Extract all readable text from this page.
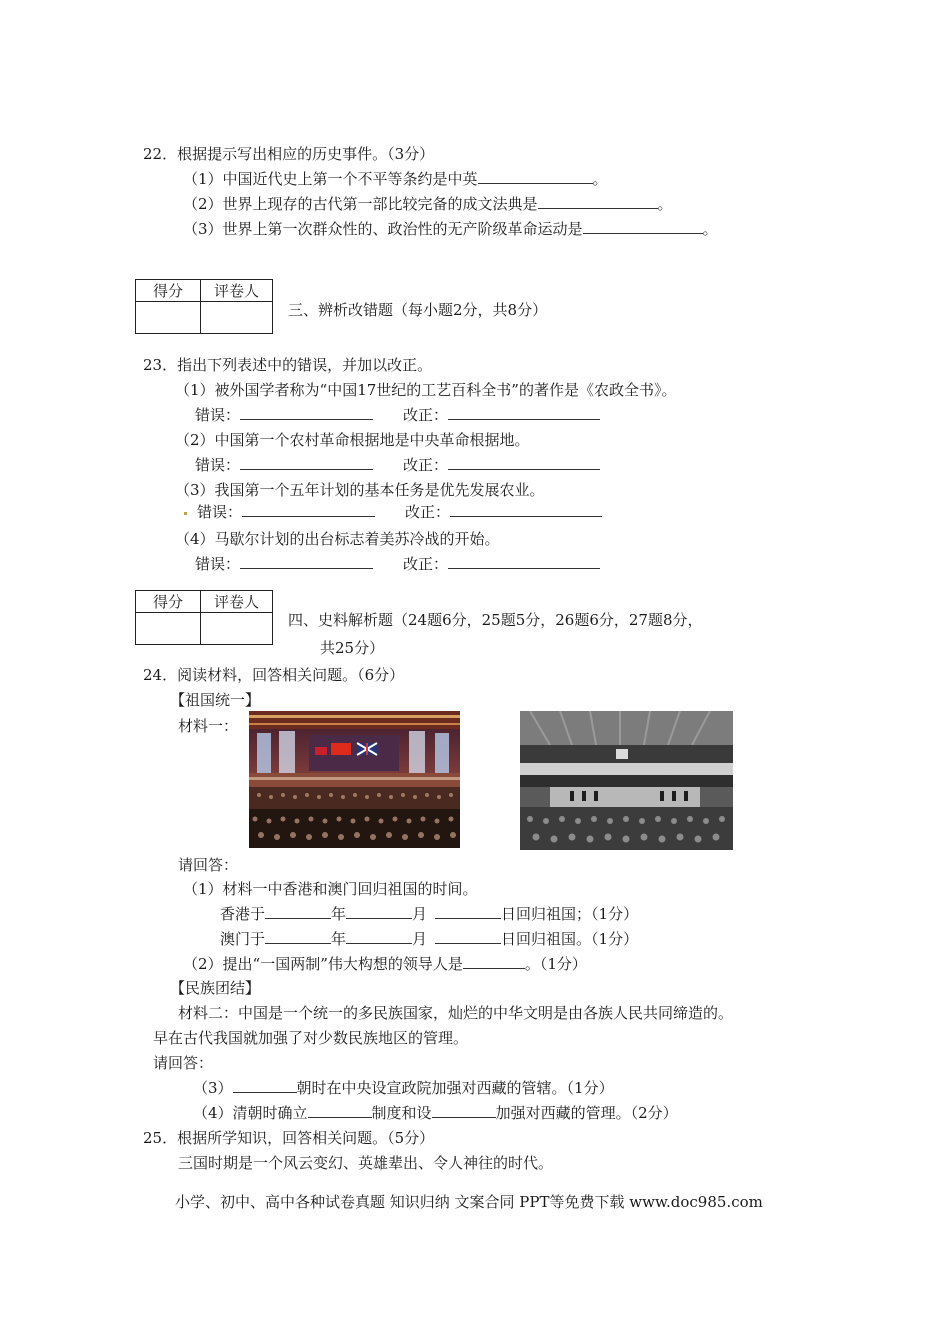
22．根据提示写出相应的历史事件。（3分）
（1）中国近代史上第一个不平等条约是中英	。
（2）世界上现存的古代第一部比较完备的成文法典是	。
（3）世界上第一次群众性的、政治性的无产阶级革命运动是	。
得分	评卷人

三、辨析改错题（每小题2分，共8分）
23．指出下列表述中的错误，并加以改正。
（1）被外国学者称为“中国17世纪的工艺百科全书”的著作是《农政全书》。
错误：	改正：
（2）中国第一个农村革命根据地是中央革命根据地。
错误：	改正：
（3）我国第一个五年计划的基本任务是优先发展农业。
错误：	改正：
（4）马歇尔计划的出台标志着美苏冷战的开始。
错误：	改正：
得分	评卷人

四、史料解析题（24题6分，25题5分，26题6分，27题8分，
共25分）
24．阅读材料，回答相关问题。（6分）
【祖国统一】
材料一：
请回答：
（1）材料一中香港和澳门回归祖国的时间。
香港于	年	月	日回归祖国；（1分）
澳门于	年	月	日回归祖国。（1分）
（2）提出“一国两制”伟大构想的领导人是	。（1分）
【民族团结】
材料二：中国是一个统一的多民族国家，灿烂的中华文明是由各族人民共同缔造的。
早在古代我国就加强了对少数民族地区的管理。
请回答：
（3）	朝时在中央设宣政院加强对西藏的管辖。（1分）
（4）清朝时确立	制度和设	加强对西藏的管理。（2分）
25．根据所学知识，回答相关问题。（5分）
三国时期是一个风云变幻、英雄辈出、令人神往的时代。
小学、初中、高中各种试卷真题 知识归纳 文案合同 PPT等免费下载 www.doc985.com
